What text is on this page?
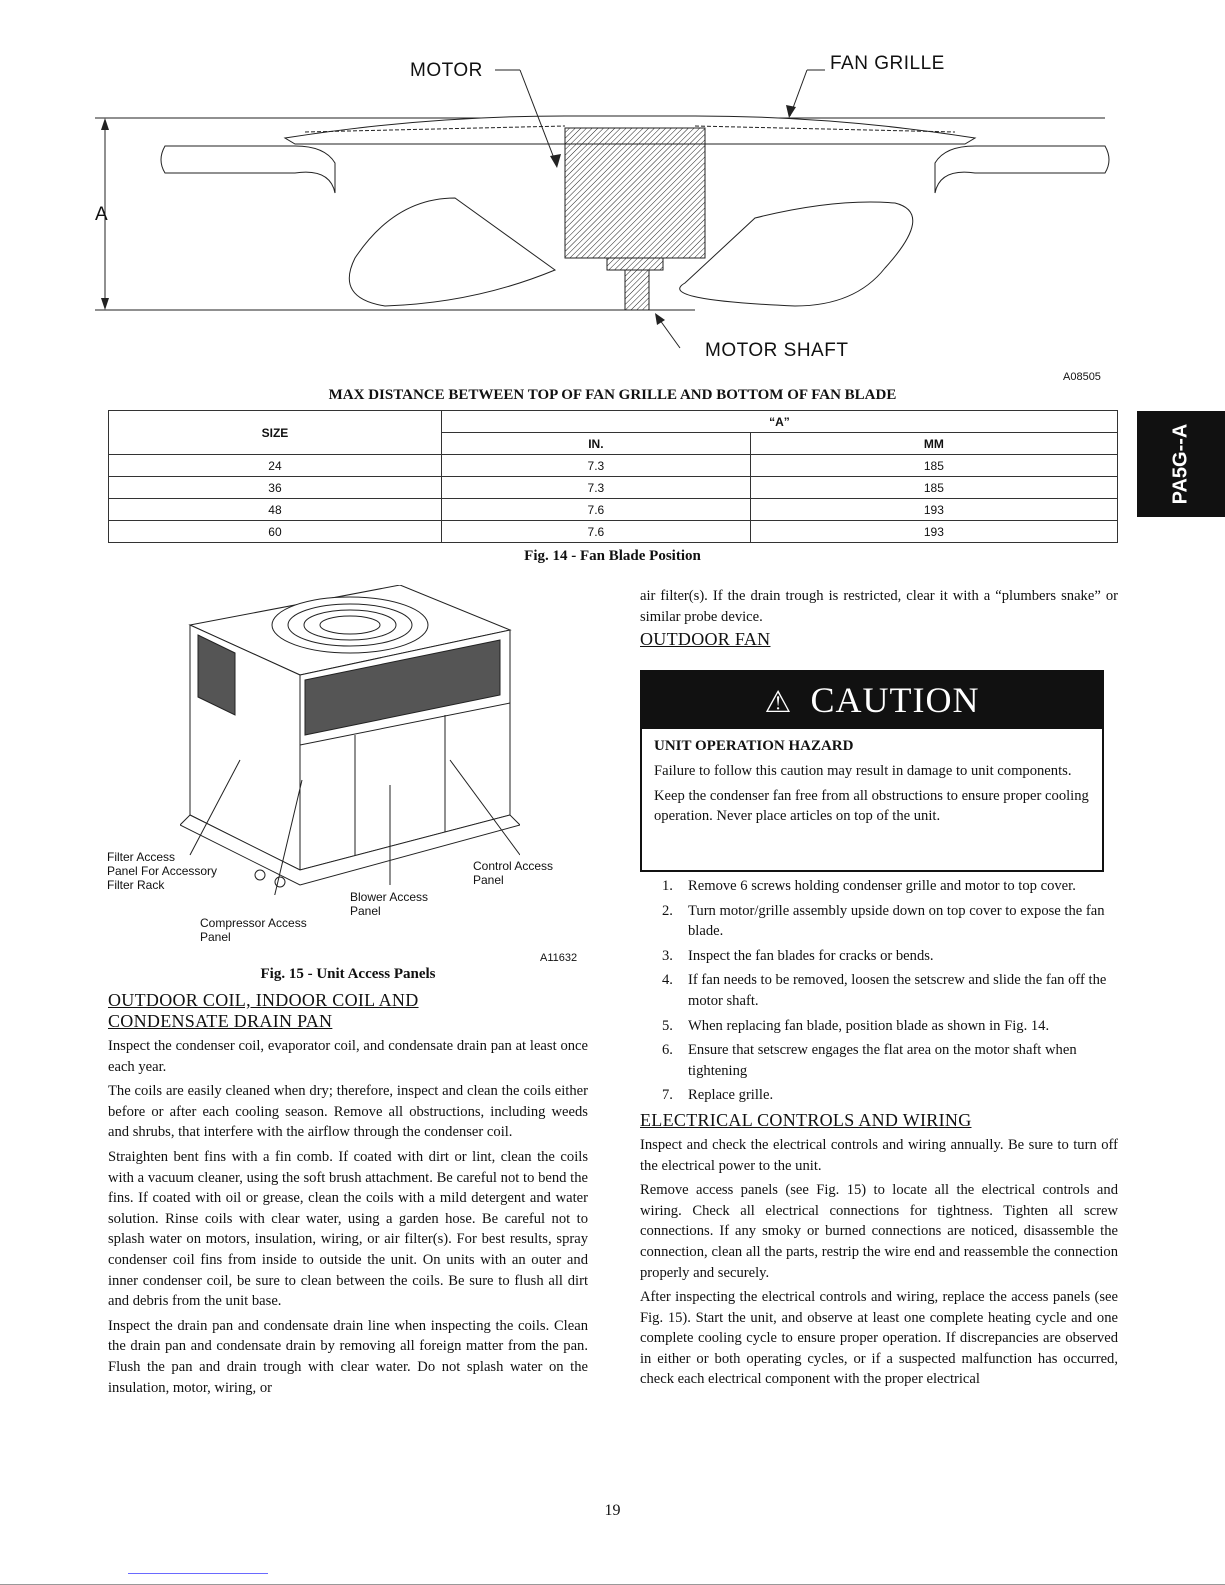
MOTOR	FAN GRILLE
A
MOTOR SHAFT
A08505
MAX DISTANCE BETWEEN TOP OF FAN GRILLE AND BOTTOM OF FAN BLADE
SIZE	“A”	
	IN.	MM
24	7.3	185
36	7.3	185
48	7.6	193
60	7.6	193
Fig. 14 - Fan Blade Position
PA5G--A
Filter Access
Panel For Accessory
Filter Rack
Compressor Access
Panel
Blower Access
Panel
Control Access
Panel
A11632
Fig. 15 - Unit Access Panels
OUTDOOR COIL, INDOOR COIL AND
CONDENSATE DRAIN PAN

Inspect the condenser coil, evaporator coil, and condensate drain pan at least once each year.

The coils are easily cleaned when dry; therefore, inspect and clean the coils either before or after each cooling season. Remove all obstructions, including weeds and shrubs, that interfere with the airflow through the condenser coil.

Straighten bent fins with a fin comb. If coated with dirt or lint, clean the coils with a vacuum cleaner, using the soft brush attachment. Be careful not to bend the fins. If coated with oil or grease, clean the coils with a mild detergent and water solution. Rinse coils with clear water, using a garden hose. Be careful not to splash water on motors, insulation, wiring, or air filter(s). For best results, spray condenser coil fins from inside to outside the unit. On units with an outer and inner condenser coil, be sure to clean between the coils. Be sure to flush all dirt and debris from the unit base.

Inspect the drain pan and condensate drain line when inspecting the coils. Clean the drain pan and condensate drain by removing all foreign matter from the pan. Flush the pan and drain trough with clear water. Do not splash water on the insulation, motor, wiring, or

air filter(s). If the drain trough is restricted, clear it with a “plumbers snake” or similar probe device.

OUTDOOR FAN
⚠ CAUTION
UNIT OPERATION HAZARD

Failure to follow this caution may result in damage to unit components.

Keep the condenser fan free from all obstructions to ensure proper cooling operation. Never place articles on top of the unit.

1. Remove 6 screws holding condenser grille and motor to top cover.
2. Turn motor/grille assembly upside down on top cover to expose the fan blade.
3. Inspect the fan blades for cracks or bends.
4. If fan needs to be removed, loosen the setscrew and slide the fan off the motor shaft.
5. When replacing fan blade, position blade as shown in Fig. 14.
6. Ensure that setscrew engages the flat area on the motor shaft when tightening
7. Replace grille.
ELECTRICAL CONTROLS AND WIRING

Inspect and check the electrical controls and wiring annually. Be sure to turn off the electrical power to the unit.

Remove access panels (see Fig. 15) to locate all the electrical controls and wiring. Check all electrical connections for tightness. Tighten all screw connections. If any smoky or burned connections are noticed, disassemble the connection, clean all the parts, restrip the wire end and reassemble the connection properly and securely.

After inspecting the electrical controls and wiring, replace the access panels (see Fig. 15). Start the unit, and observe at least one complete heating cycle and one complete cooling cycle to ensure proper operation. If discrepancies are observed in either or both operating cycles, or if a suspected malfunction has occurred, check each electrical component with the proper electrical

19
